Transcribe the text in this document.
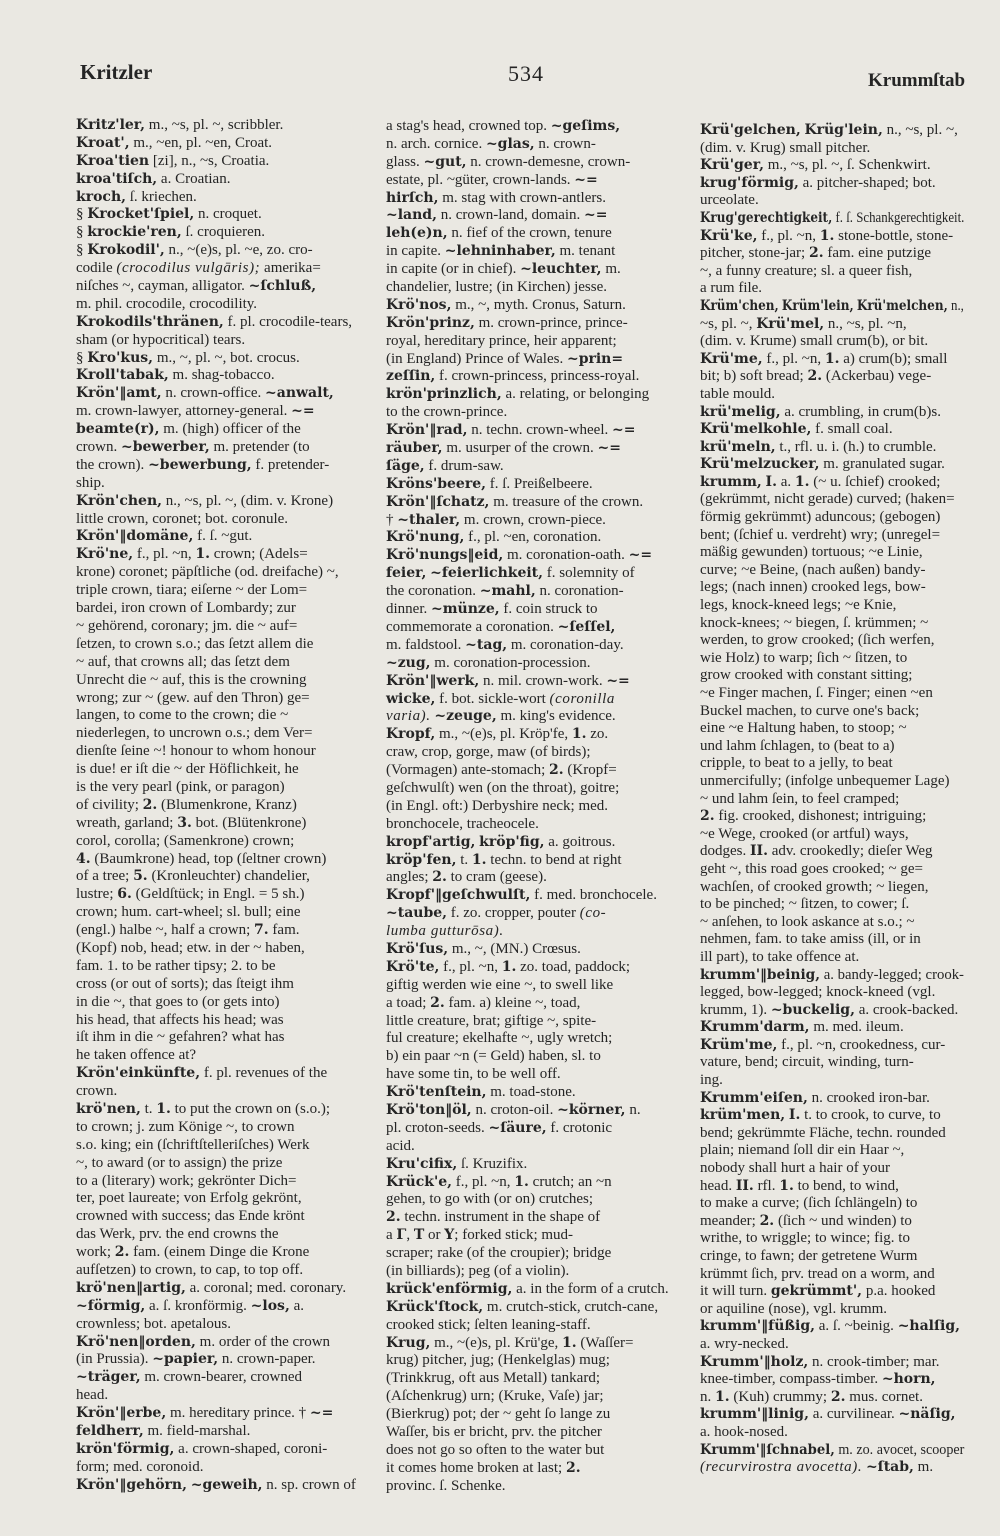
Kritzler	534	Krummſtab
Kritz'ler, m., ~s, pl. ~, scribbler.
Kroat', m., ~en, pl. ~en, Croat.
Kroa'tien [zi], n., ~s, Croatia.
kroa'tiſch, a. Croatian.
kroch, ſ. kriechen.
§ Krocket'ſpiel, n. croquet.
§ krockie'ren, ſ. croquieren.
§ Krokodil', n., ~(e)s, pl. ~e, zo. cro-
codile (crocodilus vulgāris); amerika=
niſches ~, cayman, alligator. ~ſchluß,
m. phil. crocodile, crocodility.
Krokodils'thränen, f. pl. crocodile-tears,
sham (or hypocritical) tears.
§ Kro'kus, m., ~, pl. ~, bot. crocus.
Kroll'tabak, m. shag-tobacco.
Krön'‖amt, n. crown-office. ~anwalt,
m. crown-lawyer, attorney-general. ~=
beamte(r), m. (high) officer of the
crown. ~bewerber, m. pretender (to
the crown). ~bewerbung, f. pretender-
ship.
Krön'chen, n., ~s, pl. ~, (dim. v. Krone)
little crown, coronet; bot. coronule.
Krön'‖domäne, f. ſ. ~gut.
Krö'ne, f., pl. ~n, 1. crown; (Adels=
krone) coronet; päpſtliche (od. dreifache) ~,
triple crown, tiara; eiſerne ~ der Lom=
bardei, iron crown of Lombardy; zur
~ gehörend, coronary; jm. die ~ auf=
ſetzen, to crown s.o.; das ſetzt allem die
~ auf, that crowns all; das ſetzt dem
Unrecht die ~ auf, this is the crowning
wrong; zur ~ (gew. auf den Thron) ge=
langen, to come to the crown; die ~
niederlegen, to uncrown o.s.; dem Ver=
dienſte ſeine ~! honour to whom honour
is due! er iſt die ~ der Höflichkeit, he
is the very pearl (pink, or paragon)
of civility; 2. (Blumenkrone, Kranz)
wreath, garland; 3. bot. (Blütenkrone)
corol, corolla; (Samenkrone) crown;
4. (Baumkrone) head, top (ſeltner crown)
of a tree; 5. (Kronleuchter) chandelier,
lustre; 6. (Geldſtück; in Engl. = 5 sh.)
crown; hum. cart-wheel; sl. bull; eine
(engl.) halbe ~, half a crown; 7. fam.
(Kopf) nob, head; etw. in der ~ haben,
fam. 1. to be rather tipsy; 2. to be
cross (or out of sorts); das ſteigt ihm
in die ~, that goes to (or gets into)
his head, that affects his head; was
iſt ihm in die ~ gefahren? what has
he taken offence at?
Krön'einkünfte, f. pl. revenues of the
crown.
krö'nen, t. 1. to put the crown on (s.o.);
to crown; j. zum Könige ~, to crown
s.o. king; ein (ſchriftſtelleriſches) Werk
~, to award (or to assign) the prize
to a (literary) work; gekrönter Dich=
ter, poet laureate; von Erfolg gekrönt,
crowned with success; das Ende krönt
das Werk, prv. the end crowns the
work; 2. fam. (einem Dinge die Krone
aufſetzen) to crown, to cap, to top off.
krö'nen‖artig, a. coronal; med. coronary.
~förmig, a. ſ. kronförmig. ~los, a.
crownless; bot. apetalous.
Krö'nen‖orden, m. order of the crown
(in Prussia). ~papier, n. crown-paper.
~träger, m. crown-bearer, crowned
head.
Krön'‖erbe, m. hereditary prince. † ~=
feldherr, m. field-marshal.
krön'förmig, a. crown-shaped, coroni-
form; med. coronoid.
Krön'‖gehörn, ~geweih, n. sp. crown of
a stag's head, crowned top. ~geſims,
n. arch. cornice. ~glas, n. crown-
glass. ~gut, n. crown-demesne, crown-
estate, pl. ~güter, crown-lands. ~=
hirſch, m. stag with crown-antlers.
~land, n. crown-land, domain. ~=
leh(e)n, n. fief of the crown, tenure
in capite. ~lehninhaber, m. tenant
in capite (or in chief). ~leuchter, m.
chandelier, lustre; (in Kirchen) jesse.
Krö'nos, m., ~, myth. Cronus, Saturn.
Krön'prinz, m. crown-prince, prince-
royal, hereditary prince, heir apparent;
(in England) Prince of Wales. ~prin=
zeſſin, f. crown-princess, princess-royal.
krön'prinzlich, a. relating, or belonging
to the crown-prince.
Krön'‖rad, n. techn. crown-wheel. ~=
räuber, m. usurper of the crown. ~=
ſäge, f. drum-saw.
Kröns'beere, f. ſ. Preißelbeere.
Krön'‖ſchatz, m. treasure of the crown.
† ~thaler, m. crown, crown-piece.
Krö'nung, f., pl. ~en, coronation.
Krö'nungs‖eid, m. coronation-oath. ~=
feier, ~feierlichkeit, f. solemnity of
the coronation. ~mahl, n. coronation-
dinner. ~münze, f. coin struck to
commemorate a coronation. ~ſeſſel,
m. faldstool. ~tag, m. coronation-day.
~zug, m. coronation-procession.
Krön'‖werk, n. mil. crown-work. ~=
wicke, f. bot. sickle-wort (coronilla
varia). ~zeuge, m. king's evidence.
Kropf, m., ~(e)s, pl. Kröp'fe, 1. zo.
craw, crop, gorge, maw (of birds);
(Vormagen) ante-stomach; 2. (Kropf=
geſchwulſt) wen (on the throat), goitre;
(in Engl. oft:) Derbyshire neck; med.
bronchocele, tracheocele.
kropf'artig, kröp'fig, a. goitrous.
kröp'fen, t. 1. techn. to bend at right
angles; 2. to cram (geese).
Kropf'‖geſchwulſt, f. med. bronchocele.
~taube, f. zo. cropper, pouter (co-
lumba gutturōsa).
Krö'ſus, m., ~, (MN.) Crœsus.
Krö'te, f., pl. ~n, 1. zo. toad, paddock;
giftig werden wie eine ~, to swell like
a toad; 2. fam. a) kleine ~, toad,
little creature, brat; giftige ~, spite-
ful creature; ekelhafte ~, ugly wretch;
b) ein paar ~n (= Geld) haben, sl. to
have some tin, to be well off.
Krö'tenſtein, m. toad-stone.
Krö'ton‖öl, n. croton-oil. ~körner, n.
pl. croton-seeds. ~ſäure, f. crotonic
acid.
Kru'cifix, ſ. Kruzifix.
Krück'e, f., pl. ~n, 1. crutch; an ~n
gehen, to go with (or on) crutches;
2. techn. instrument in the shape of
a Γ, T or Y; forked stick; mud-
scraper; rake (of the croupier); bridge
(in billiards); peg (of a violin).
krück'enförmig, a. in the form of a crutch.
Krück'ſtock, m. crutch-stick, crutch-cane,
crooked stick; ſelten leaning-staff.
Krug, m., ~(e)s, pl. Krü'ge, 1. (Waſſer=
krug) pitcher, jug; (Henkelglas) mug;
(Trinkkrug, oft aus Metall) tankard;
(Aſchenkrug) urn; (Kruke, Vaſe) jar;
(Bierkrug) pot; der ~ geht ſo lange zu
Waſſer, bis er bricht, prv. the pitcher
does not go so often to the water but
it comes home broken at last; 2.
provinc. ſ. Schenke.
Krü'gelchen, Krüg'lein, n., ~s, pl. ~,
(dim. v. Krug) small pitcher.
Krü'ger, m., ~s, pl. ~, ſ. Schenkwirt.
krug'förmig, a. pitcher-shaped; bot.
urceolate.
Krug'gerechtigkeit, f. ſ. Schankgerechtigkeit.
Krü'ke, f., pl. ~n, 1. stone-bottle, stone-
pitcher, stone-jar; 2. fam. eine putzige
~, a funny creature; sl. a queer fish,
a rum file.
Krüm'chen, Krüm'lein, Krü'melchen, n.,
~s, pl. ~, Krü'mel, n., ~s, pl. ~n,
(dim. v. Krume) small crum(b), or bit.
Krü'me, f., pl. ~n, 1. a) crum(b); small
bit; b) soft bread; 2. (Ackerbau) vege-
table mould.
krü'melig, a. crumbling, in crum(b)s.
Krü'melkohle, f. small coal.
krü'meln, t., rfl. u. i. (h.) to crumble.
Krü'melzucker, m. granulated sugar.
krumm, I. a. 1. (~ u. ſchief) crooked;
(gekrümmt, nicht gerade) curved; (haken=
förmig gekrümmt) aduncous; (gebogen)
bent; (ſchief u. verdreht) wry; (unregel=
mäßig gewunden) tortuous; ~e Linie,
curve; ~e Beine, (nach außen) bandy-
legs; (nach innen) crooked legs, bow-
legs, knock-kneed legs; ~e Knie,
knock-knees; ~ biegen, ſ. krümmen; ~
werden, to grow crooked; (ſich werfen,
wie Holz) to warp; ſich ~ ſitzen, to
grow crooked with constant sitting;
~e Finger machen, ſ. Finger; einen ~en
Buckel machen, to curve one's back;
eine ~e Haltung haben, to stoop; ~
und lahm ſchlagen, to (beat to a)
cripple, to beat to a jelly, to beat
unmercifully; (infolge unbequemer Lage)
~ und lahm ſein, to feel cramped;
2. fig. crooked, dishonest; intriguing;
~e Wege, crooked (or artful) ways,
dodges. II. adv. crookedly; dieſer Weg
geht ~, this road goes crooked; ~ ge=
wachſen, of crooked growth; ~ liegen,
to be pinched; ~ ſitzen, to cower; ſ.
~ anſehen, to look askance at s.o.; ~
nehmen, fam. to take amiss (ill, or in
ill part), to take offence at.
krumm'‖beinig, a. bandy-legged; crook-
legged, bow-legged; knock-kneed (vgl.
krumm, 1). ~buckelig, a. crook-backed.
Krumm'darm, m. med. ileum.
Krüm'me, f., pl. ~n, crookedness, cur-
vature, bend; circuit, winding, turn-
ing.
Krumm'eiſen, n. crooked iron-bar.
krüm'men, I. t. to crook, to curve, to
bend; gekrümmte Fläche, techn. rounded
plain; niemand ſoll dir ein Haar ~,
nobody shall hurt a hair of your
head. II. rfl. 1. to bend, to wind,
to make a curve; (ſich ſchlängeln) to
meander; 2. (ſich ~ und winden) to
writhe, to wriggle; to wince; fig. to
cringe, to fawn; der getretene Wurm
krümmt ſich, prv. tread on a worm, and
it will turn. gekrümmt', p.a. hooked
or aquiline (nose), vgl. krumm.
krumm'‖füßig, a. ſ. ~beinig. ~halſig,
a. wry-necked.
Krumm'‖holz, n. crook-timber; mar.
knee-timber, compass-timber. ~horn,
n. 1. (Kuh) crummy; 2. mus. cornet.
krumm'‖linig, a. curvilinear. ~näſig,
a. hook-nosed.
Krumm'‖ſchnabel, m. zo. avocet, scooper
(recurvirostra avocetta). ~ſtab, m.
